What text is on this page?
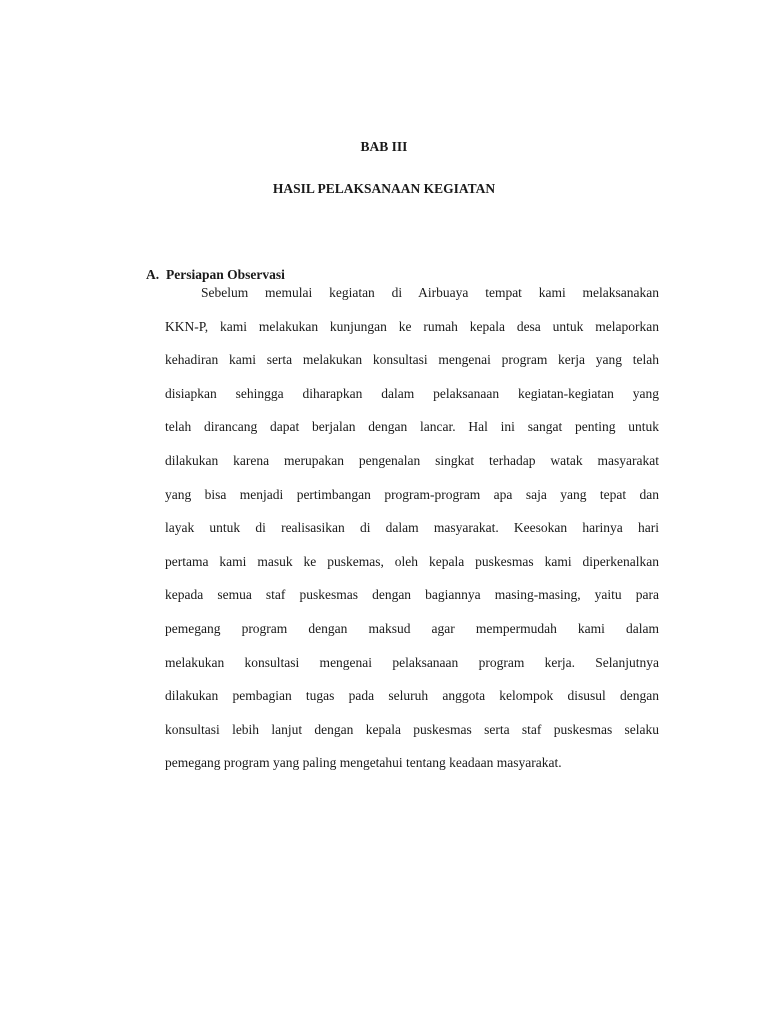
BAB III
HASIL PELAKSANAAN KEGIATAN
A. Persiapan Observasi
Sebelum memulai kegiatan di Airbuaya tempat kami melaksanakan
KKN-P, kami melakukan kunjungan ke rumah kepala desa untuk melaporkan
kehadiran kami serta melakukan konsultasi mengenai program kerja yang telah
disiapkan sehingga diharapkan dalam pelaksanaan kegiatan-kegiatan yang
telah dirancang dapat berjalan dengan lancar. Hal ini sangat penting untuk
dilakukan karena merupakan pengenalan singkat terhadap watak masyarakat
yang bisa menjadi pertimbangan program-program apa saja yang tepat dan
layak untuk di realisasikan di dalam masyarakat. Keesokan harinya hari
pertama kami masuk ke puskemas, oleh kepala puskesmas kami diperkenalkan
kepada semua staf puskesmas dengan bagiannya masing-masing, yaitu para
pemegang program dengan maksud agar mempermudah kami dalam
melakukan konsultasi mengenai pelaksanaan program kerja. Selanjutnya
dilakukan pembagian tugas pada seluruh anggota kelompok disusul dengan
konsultasi lebih lanjut dengan kepala puskesmas serta staf puskesmas selaku
pemegang program yang paling mengetahui tentang keadaan masyarakat.
